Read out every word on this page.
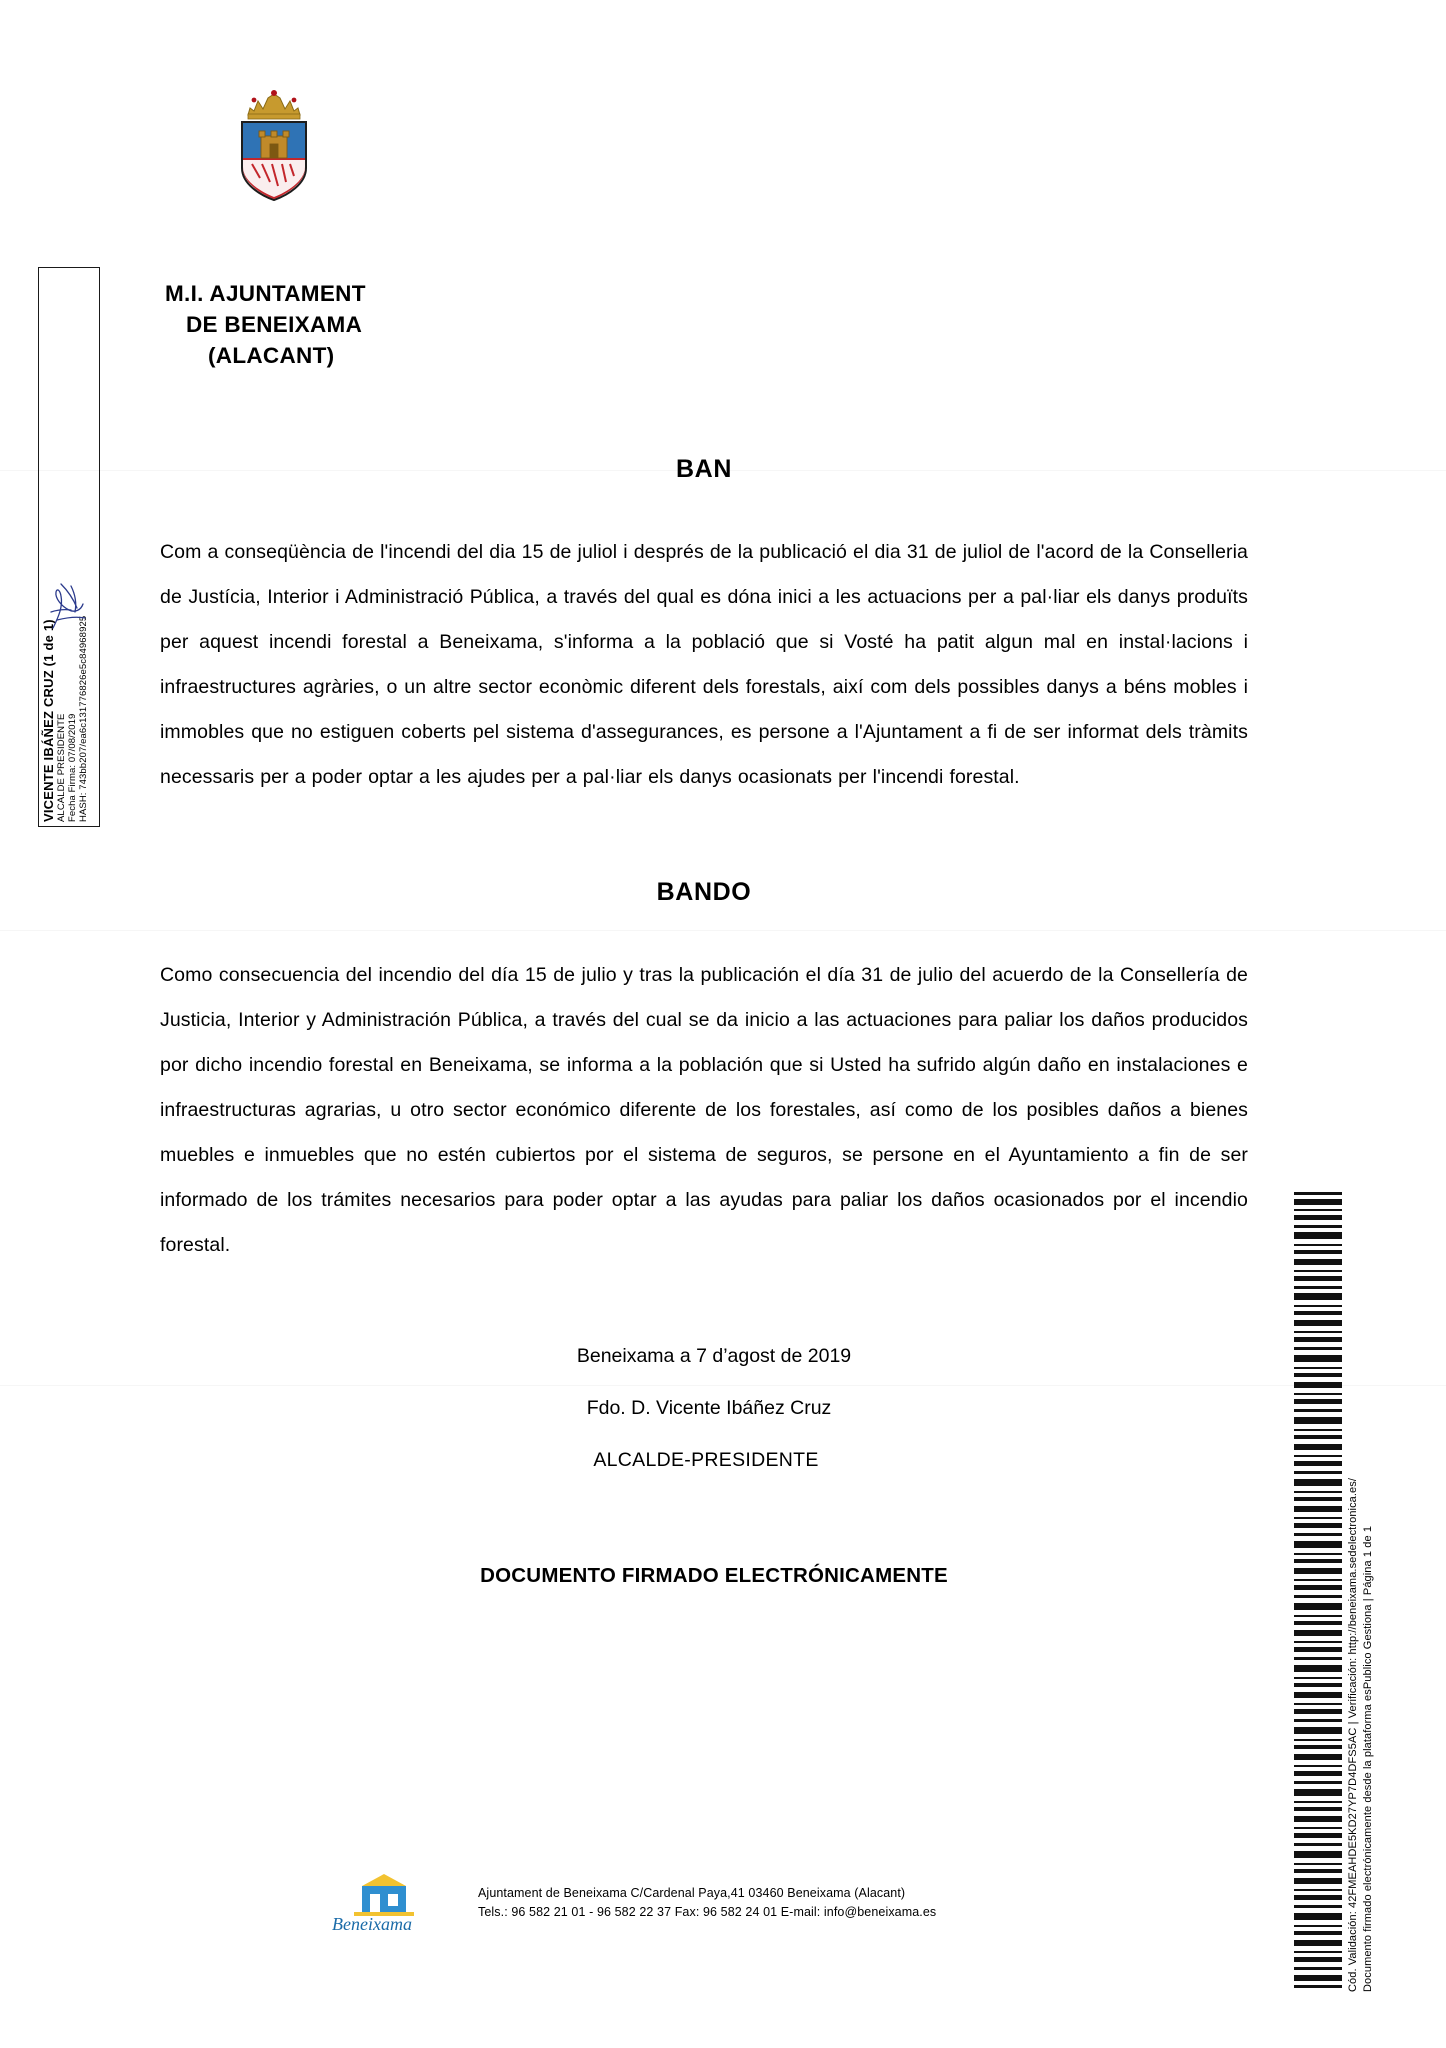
VICENTE IBÁÑEZ CRUZ (1 de 1) ALCALDE PRESIDENTE Fecha Firma: 07/08/2019 HASH: 743bb207/ea6c131776826e5c84968925
M.I. AJUNTAMENT
DE BENEIXAMA
(ALACANT)
BAN

Com a conseqüència de l'incendi del dia 15 de juliol i després de la publicació el dia 31 de juliol de l'acord de la Conselleria de Justícia, Interior i Administració Pública, a través del qual es dóna inici a les actuacions per a pal·liar els danys produïts per aquest incendi forestal a Beneixama, s'informa a la població que si Vosté ha patit algun mal en instal·lacions i infraestructures agràries, o un altre sector econòmic diferent dels forestals, així com dels possibles danys a béns mobles i immobles que no estiguen coberts pel sistema d'assegurances, es persone a l'Ajuntament a fi de ser informat dels tràmits necessaris per a poder optar a les ajudes per a pal·liar els danys ocasionats per l'incendi forestal.

BANDO

Como consecuencia del incendio del día 15 de julio y tras la publicación el día 31 de julio del acuerdo de la Consellería de Justicia, Interior y Administración Pública, a través del cual se da inicio a las actuaciones para paliar los daños producidos por dicho incendio forestal en Beneixama, se informa a la población que si Usted ha sufrido algún daño en instalaciones e infraestructuras agrarias, u otro sector económico diferente de los forestales, así como de los posibles daños a bienes muebles e inmuebles que no estén cubiertos por el sistema de seguros, se persone en el Ayuntamiento a fin de ser informado de los trámites necesarios para poder optar a las ayudas para paliar los daños ocasionados por el incendio forestal.

Beneixama a 7 d’agost de 2019
Fdo. D. Vicente Ibáñez Cruz
ALCALDE-PRESIDENTE
DOCUMENTO FIRMADO ELECTRÓNICAMENTE
Beneixama
Ajuntament de Beneixama C/Cardenal Paya,41 03460 Beneixama (Alacant)
Tels.: 96 582 21 01 - 96 582 22 37 Fax: 96 582 24 01 E-mail: info@beneixama.es	Cód. Validación: 42FMEAHDE5KD27YP7D4DFS5AC | Verificación: http://beneixama.sedelectronica.es/ Documento firmado electrónicamente desde la plataforma esPublico Gestiona | Página 1 de 1
